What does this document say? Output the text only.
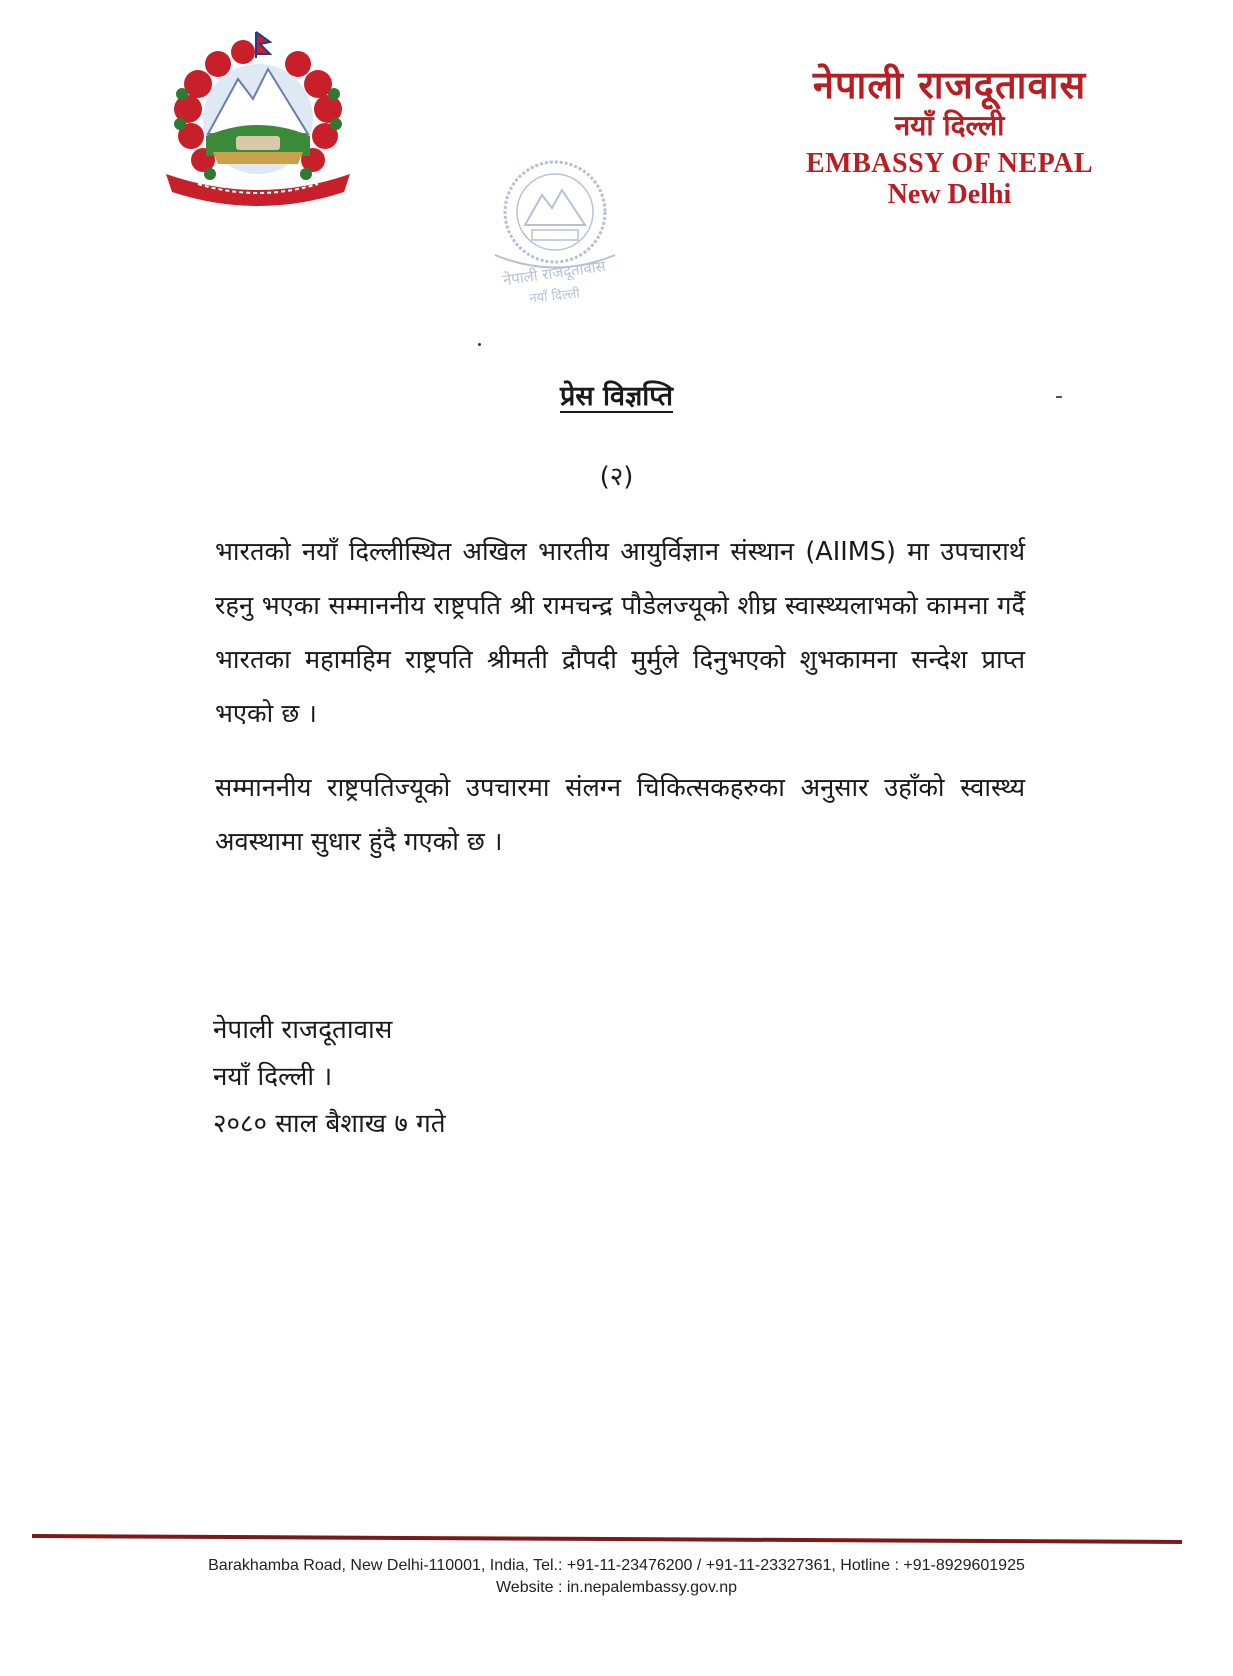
नेपाली राजदूतावास
नयाँ दिल्ली
नेपाली राजदूतावास
नयाँ दिल्ली
EMBASSY OF NEPAL
New Delhi
प्रेस विज्ञप्ति
(२)

भारतको नयाँ दिल्लीस्थित अखिल भारतीय आयुर्विज्ञान संस्थान (AIIMS) मा उपचारार्थ रहनु भएका सम्माननीय राष्ट्रपति श्री रामचन्द्र पौडेलज्यूको शीघ्र स्वास्थ्यलाभको कामना गर्दै भारतका महामहिम राष्ट्रपति श्रीमती द्रौपदी मुर्मुले दिनुभएको शुभकामना सन्देश प्राप्त भएको छ ।

सम्माननीय राष्ट्रपतिज्यूको उपचारमा संलग्न चिकित्सकहरुका अनुसार उहाँको स्वास्थ्य अवस्थामा सुधार हुंदै गएको छ ।

नेपाली राजदूतावास
नयाँ दिल्ली ।
२०८० साल बैशाख ७ गते
Barakhamba Road, New Delhi-110001, India, Tel.: +91-11-23476200 / +91-11-23327361, Hotline : +91-8929601925
Website : in.nepalembassy.gov.np
